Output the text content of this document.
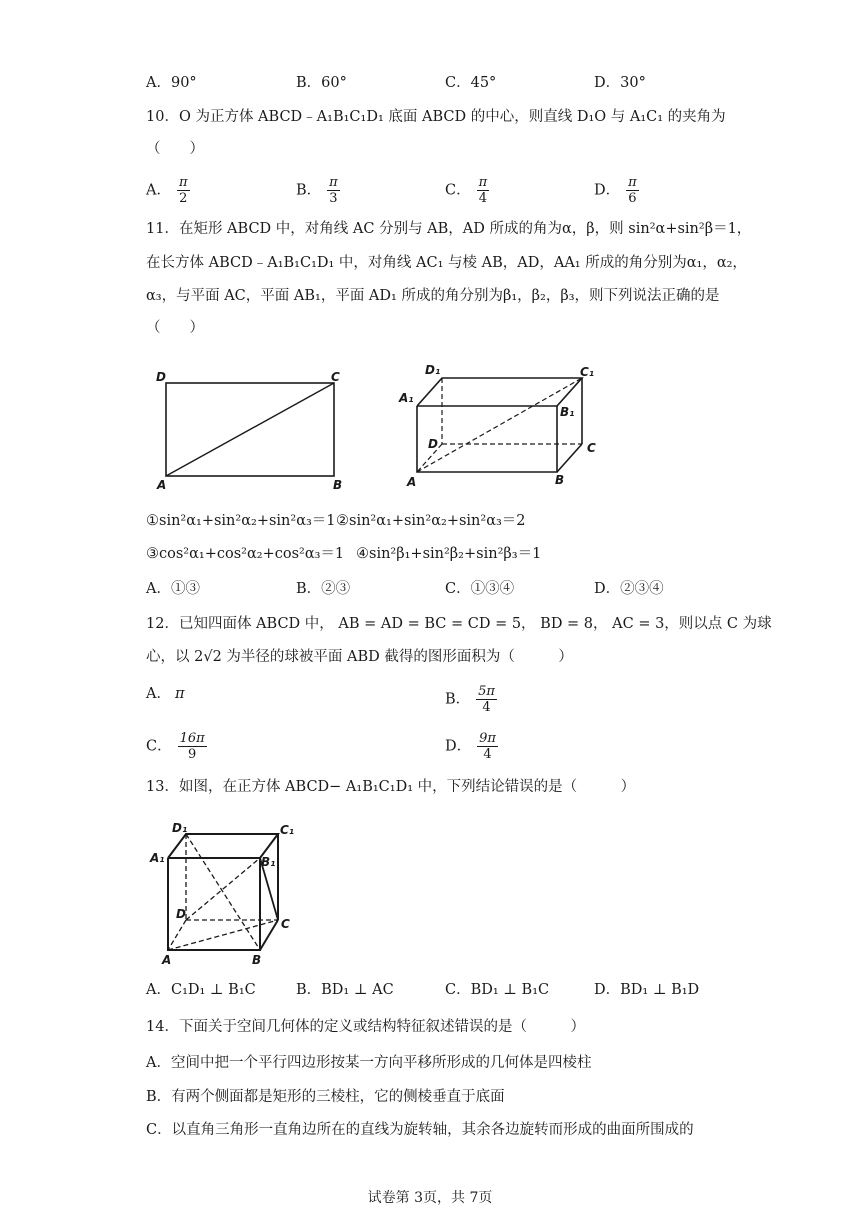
A．90°	B．60°	C．45°	D．30°
10．O 为正方体 ABCD﹣A₁B₁C₁D₁ 底面 ABCD 的中心，则直线 D₁O 与 A₁C₁ 的夹角为
（　　）
A． $\frac{\pi}{2}$	B． $\frac{\pi}{3}$	C． $\frac{\pi}{4}$	D． $\frac{\pi}{6}$
11．在矩形 ABCD 中，对角线 AC 分别与 AB，AD 所成的角为α，β，则 sin²α+sin²β＝1，
在长方体 ABCD﹣A₁B₁C₁D₁ 中，对角线 AC₁ 与棱 AB，AD，AA₁ 所成的角分别为α₁，α₂，
α₃，与平面 AC，平面 AB₁，平面 AD₁ 所成的角分别为β₁，β₂，β₃，则下列说法正确的是
（　　）
D	C
A	B
D₁	C₁
A₁
B₁
D	C
A	B
①sin²α₁+sin²α₂+sin²α₃＝1 ②sin²α₁+sin²α₂+sin²α₃＝2
③cos²α₁+cos²α₂+cos²α₃＝1 ④sin²β₁+sin²β₂+sin²β₃＝1
A．①③	B．②③	C．①③④	D．②③④
12．已知四面体 ABCD 中， AB = AD = BC = CD = 5， BD = 8， AC = 3，则以点 C 为球
心，以 2√2 为半径的球被平面 ABD 截得的图形面积为（　　　）
A． π	B． $\frac{5\pi}{4}$
C． $\frac{16\pi}{9}$	D． $\frac{9\pi}{4}$
13．如图，在正方体 ABCD− A₁B₁C₁D₁ 中，下列结论错误的是（　　　）
D₁	C₁
A₁	B₁
D
C
A	B
A．C₁D₁ ⊥ B₁C	B．BD₁ ⊥ AC	C．BD₁ ⊥ B₁C	D．BD₁ ⊥ B₁D
14．下面关于空间几何体的定义或结构特征叙述错误的是（　　　）
A．空间中把一个平行四边形按某一方向平移所形成的几何体是四棱柱
B．有两个侧面都是矩形的三棱柱，它的侧棱垂直于底面
C．以直角三角形一直角边所在的直线为旋转轴，其余各边旋转而形成的曲面所围成的
试卷第 3页，共 7页
